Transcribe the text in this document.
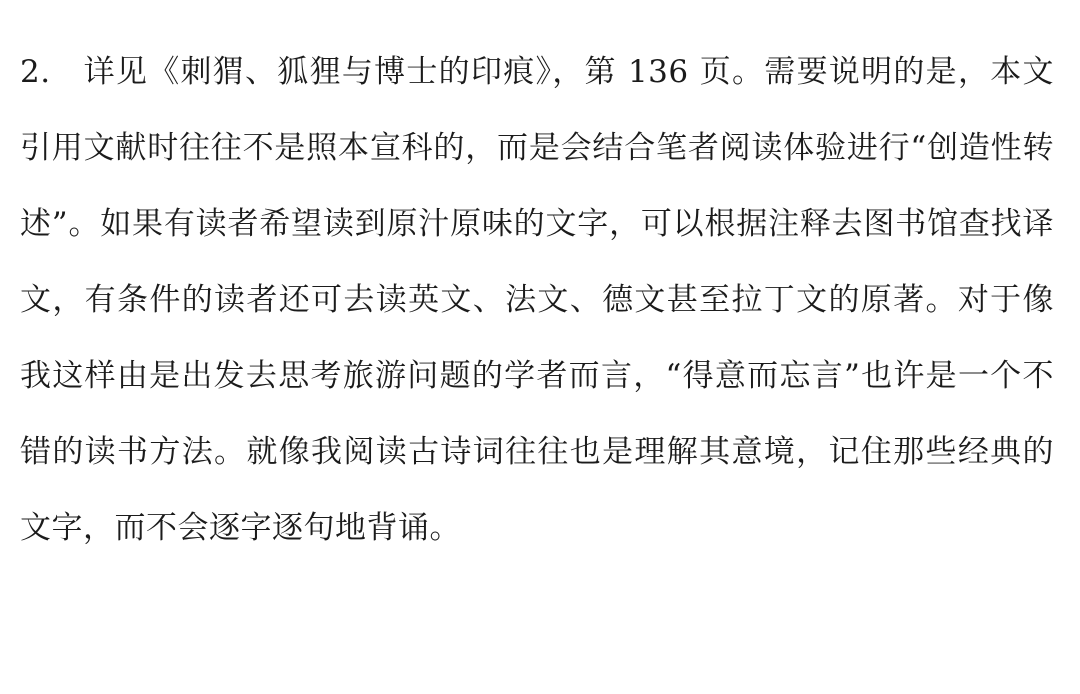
2.　 详见《刺猬、狐狸与博士的印痕》，第 136 页。需要说明的是，本文引用文献时往往不是照本宣科的，而是会结合笔者阅读体验进行“创造性转述”。如果有读者希望读到原汁原味的文字，可以根据注释去图书馆查找译文，有条件的读者还可去读英文、法文、德文甚至拉丁文的原著。对于像我这样由是出发去思考旅游问题的学者而言，“得意而忘言”也许是一个不错的读书方法。就像我阅读古诗词往往也是理解其意境，记住那些经典的文字，而不会逐字逐句地背诵。
